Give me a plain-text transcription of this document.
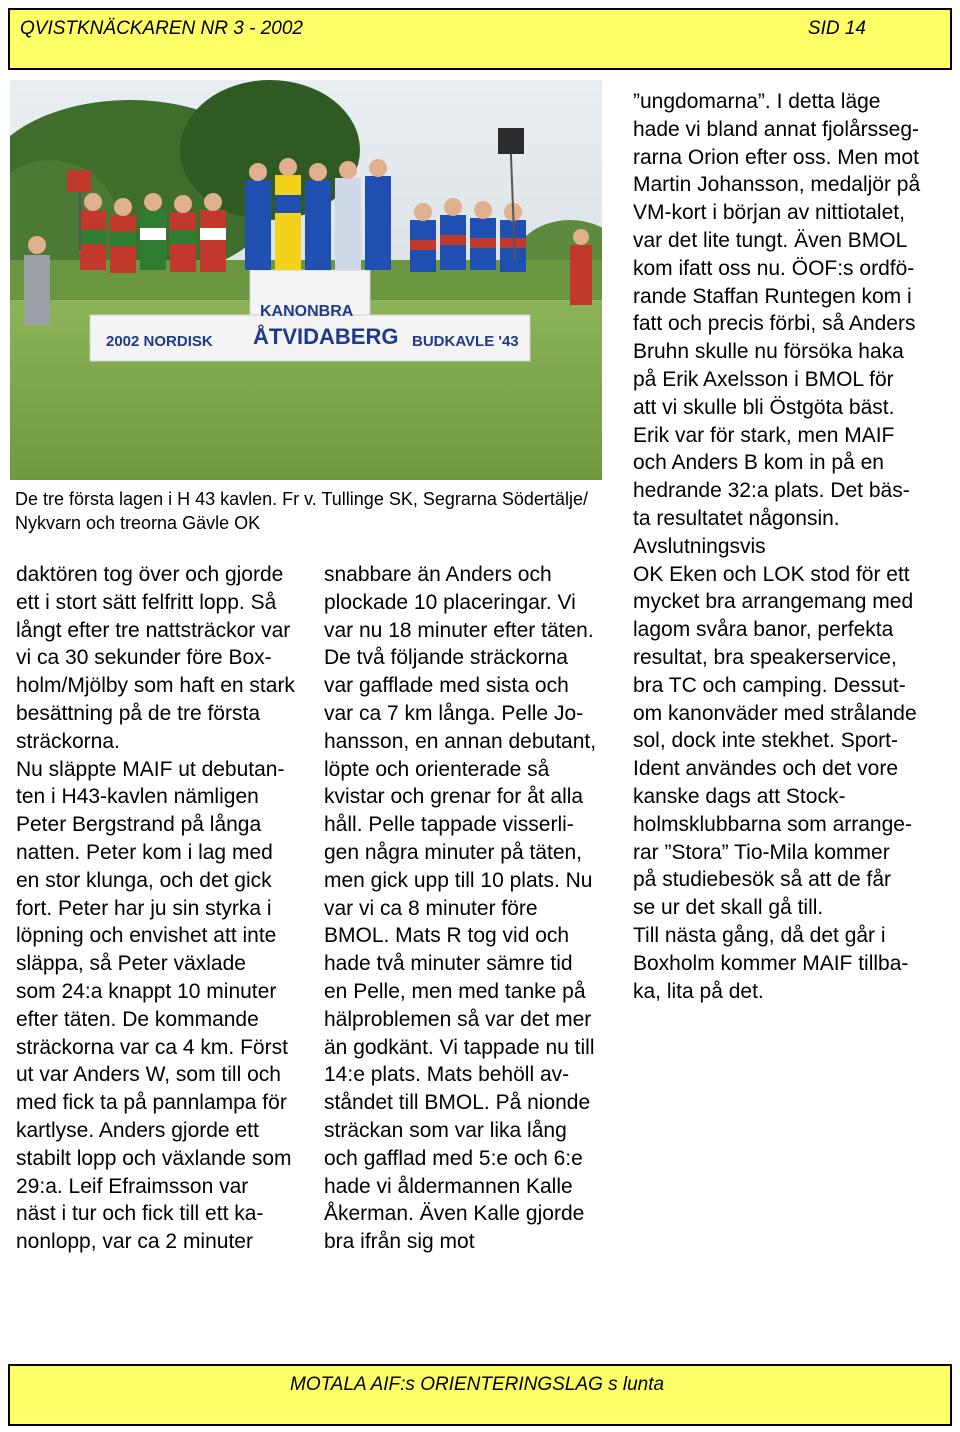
QVISTKNÄCKAREN NR 3 - 2002	SID 14
2002 NORDISK
KANONBRA
ÅTVIDABERG BUDKAVLE '43
De tre första lagen i H 43 kavlen. Fr v. Tullinge SK, Segrarna Södertälje/
Nykvarn och treorna Gävle OK
daktören tog över och gjorde
ett i stort sätt felfritt lopp. Så
långt efter tre nattsträckor var
vi ca 30 sekunder före Box-
holm/Mjölby som haft en stark
besättning på de tre första
sträckorna.
Nu släppte MAIF ut debutan-
ten i H43-kavlen nämligen
Peter Bergstrand på långa
natten. Peter kom i lag med
en stor klunga, och det gick
fort. Peter har ju sin styrka i
löpning och envishet att inte
släppa, så Peter växlade
som 24:a knappt 10 minuter
efter täten. De kommande
sträckorna var ca 4 km. Först
ut var Anders W, som till och
med fick ta på pannlampa för
kartlyse. Anders gjorde ett
stabilt lopp och växlande som
29:a. Leif Efraimsson var
näst i tur och fick till ett ka-
nonlopp, var ca 2 minuter
snabbare än Anders och
plockade 10 placeringar. Vi
var nu 18 minuter efter täten.
De två följande sträckorna
var gafflade med sista och
var ca 7 km långa. Pelle Jo-
hansson, en annan debutant,
löpte och orienterade så
kvistar och grenar for åt alla
håll. Pelle tappade visserli-
gen några minuter på täten,
men gick upp till 10 plats. Nu
var vi ca 8 minuter före
BMOL. Mats R tog vid och
hade två minuter sämre tid
en Pelle, men med tanke på
hälproblemen så var det mer
än godkänt. Vi tappade nu till
14:e plats. Mats behöll av-
ståndet till BMOL. På nionde
sträckan som var lika lång
och gafflad med 5:e och 6:e
hade vi åldermannen Kalle
Åkerman. Även Kalle gjorde
bra ifrån sig mot
”ungdomarna”. I detta läge
hade vi bland annat fjolårsseg-
rarna Orion efter oss. Men mot
Martin Johansson, medaljör på
VM-kort i början av nittiotalet,
var det lite tungt. Även BMOL
kom ifatt oss nu. ÖOF:s ordfö-
rande Staffan Runtegen kom i
fatt och precis förbi, så Anders
Bruhn skulle nu försöka haka
på Erik Axelsson i BMOL för
att vi skulle bli Östgöta bäst.
Erik var för stark, men MAIF
och Anders B kom in på en
hedrande 32:a plats. Det bäs-
ta resultatet någonsin.
Avslutningsvis
OK Eken och LOK stod för ett
mycket bra arrangemang med
lagom svåra banor, perfekta
resultat, bra speakerservice,
bra TC och camping. Dessut-
om kanonväder med strålande
sol, dock inte stekhet. Sport-
Ident användes och det vore
kanske dags att Stock-
holmsklubbarna som arrange-
rar ”Stora” Tio-Mila kommer
på studiebesök så att de får
se ur det skall gå till.
Till nästa gång, då det går i
Boxholm kommer MAIF tillba-
ka, lita på det.
MOTALA AIF:s ORIENTERINGSLAG s lunta
